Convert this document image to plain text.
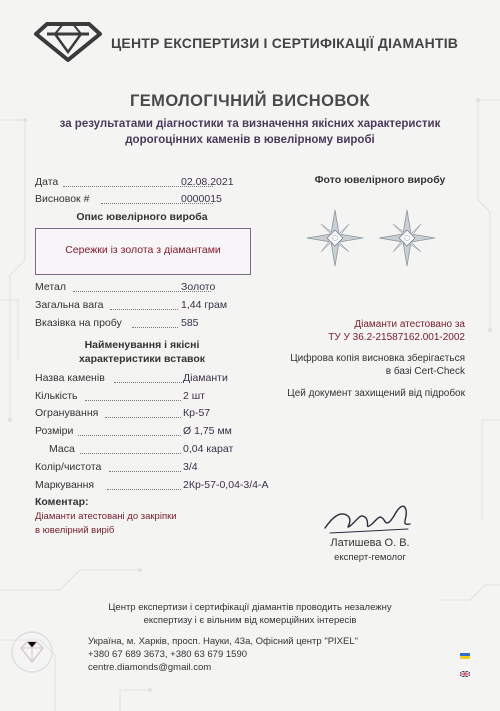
ЦЕНТР ЕКСПЕРТИЗИ І СЕРТИФІКАЦІЇ ДІАМАНТІВ
ГЕМОЛОГІЧНИЙ ВИСНОВОК
за результатами діагностики та визначення якісних характеристик
дорогоцінних каменів в ювелірному виробі
Дата	02.08.2021
Висновок #	0000015
Опис ювелірного вироба
Сережки із золота з діамантами
Метал	Золото
Загальна вага	1,44 грам
Вказівка на пробу	585
Найменування і якісні
характеристики вставок
Назва каменів	Діаманти
Кількість	2 шт
Огранування	Кр-57
Розміри	Ø 1,75 мм
Маса	0,04 карат
Колір/чистота	3/4
Маркування	2Кр-57-0,04-3/4-А
Коментар:
Діаманти атестовані до закріпки
в ювелірний виріб
Фото ювелірного виробу
Діаманти атестовано за
ТУ У 36.2-21587162.001-2002
Цифрова копія висновка зберігається
в базі Cert-Check
Цей документ захищений від підробок
Латишева О. В.
експерт-гемолог
Центр експертизи і сертифікації діамантів проводить незалежну
експертизу і є вільним від комерційних інтересів
Україна, м. Харків, просп. Науки, 43а, Офісний центр "PIXEL"
+380 67 689 3673, +380 63 679 1590
centre.diamonds@gmail.com
